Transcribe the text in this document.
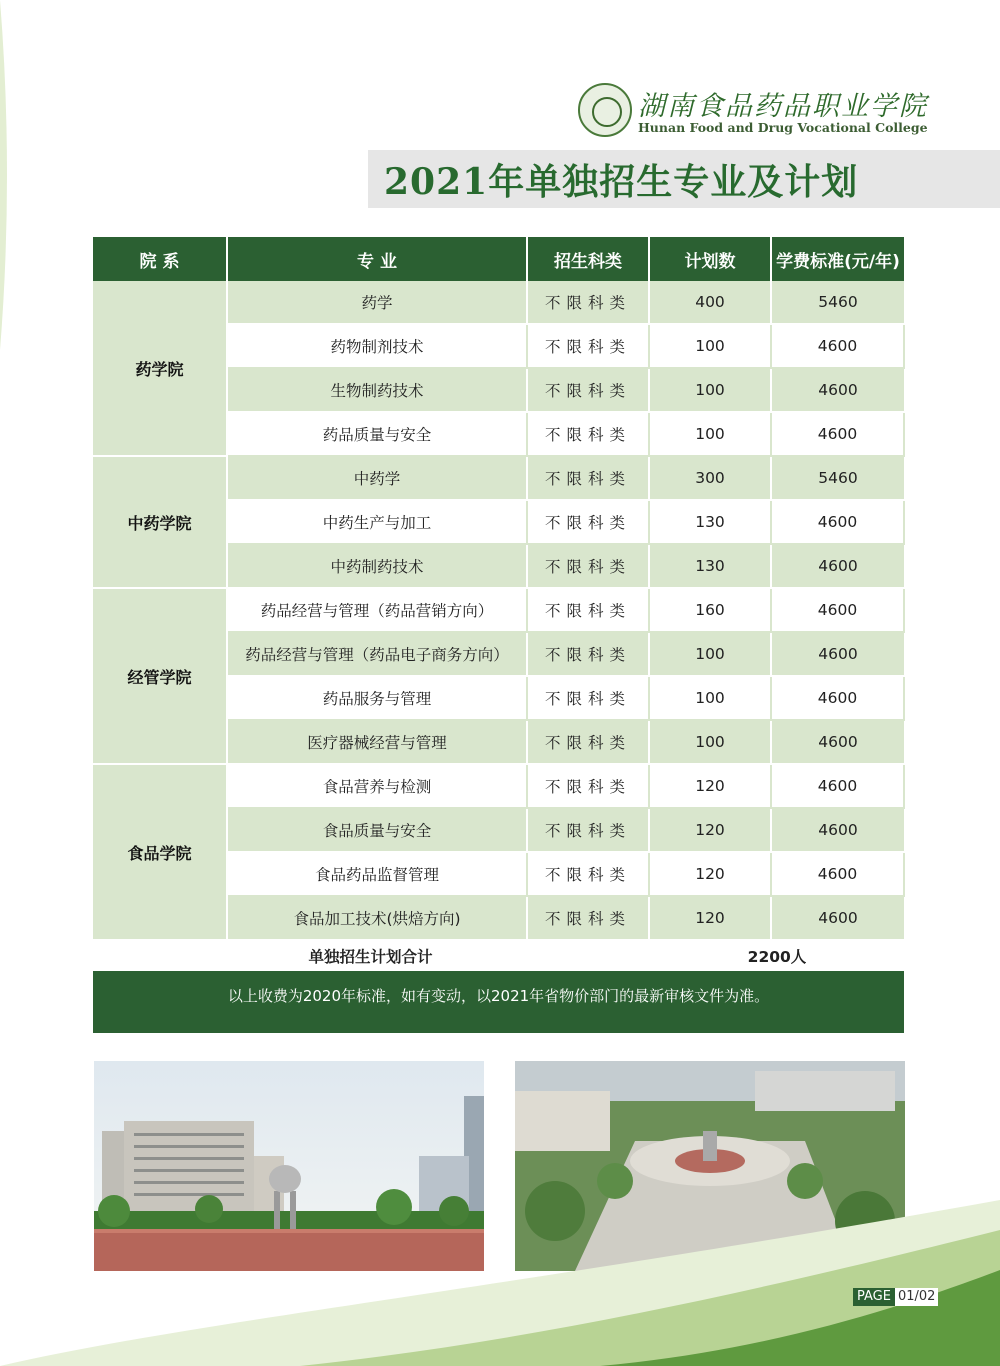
湖南食品药品职业学院
Hunan Food and Drug Vocational College
2021年单独招生专业及计划
院 系	专 业	招生科类	计划数	学费标准(元/年)
药学院	药学	不限科类	400	5460
	药物制剂技术	不限科类	100	4600
	生物制药技术	不限科类	100	4600
	药品质量与安全	不限科类	100	4600
中药学院	中药学	不限科类	300	5460
	中药生产与加工	不限科类	130	4600
	中药制药技术	不限科类	130	4600
经管学院	药品经营与管理（药品营销方向）	不限科类	160	4600
	药品经营与管理（药品电子商务方向）	不限科类	100	4600
	药品服务与管理	不限科类	100	4600
	医疗器械经营与管理	不限科类	100	4600
食品学院	食品营养与检测	不限科类	120	4600
	食品质量与安全	不限科类	120	4600
	食品药品监督管理	不限科类	120	4600
	食品加工技术(烘焙方向)	不限科类	120	4600
单独招生计划合计			2200人	
以上收费为2020年标准，如有变动，以2021年省物价部门的最新审核文件为准。
PAGE 01/02
